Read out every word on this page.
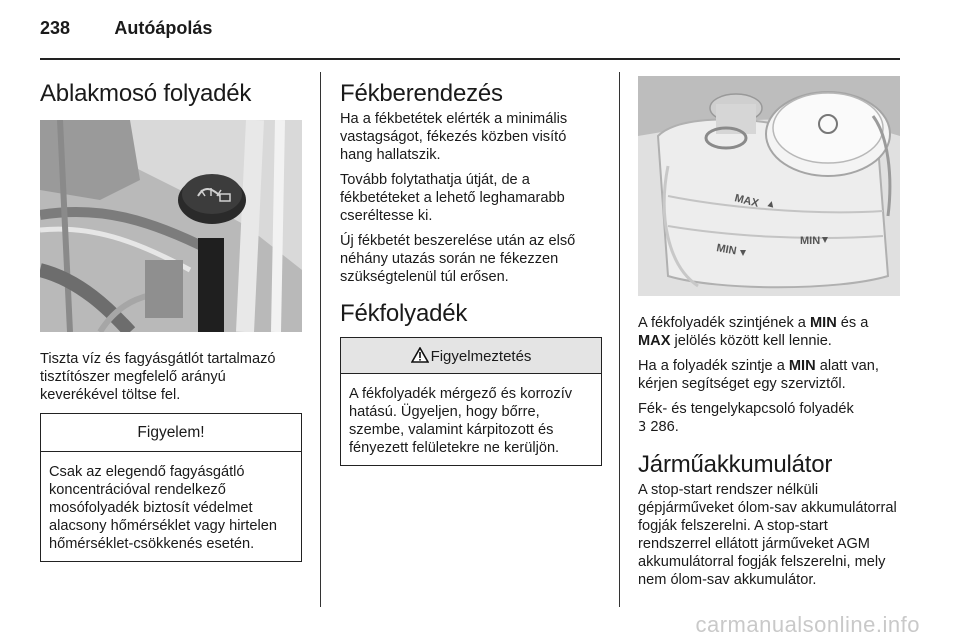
238 Autóápolás
Ablakmosó folyadék

Tiszta víz és fagyásgátlót tartalmazó tisztítószer megfelelő arányú keverékével töltse fel.

Figyelem!
Csak az elegendő fagyásgátló koncentrációval rendelkező mosófolyadék biztosít védelmet alacsony hőmérséklet vagy hirtelen hőmérséklet-csökkenés esetén.
Fékberendezés

Ha a fékbetétek elérték a minimális vastagságot, fékezés közben visító hang hallatszik.

Tovább folytathatja útját, de a fékbetéteket a lehető leghamarabb cseréltesse ki.

Új fékbetét beszerelése után az első néhány utazás során ne fékezzen szükségtelenül túl erősen.

Fékfolyadék
Figyelmeztetés
A fékfolyadék mérgező és korrozív hatású. Ügyeljen, hogy bőrre, szembe, valamint kárpitozott és fényezett felületekre ne kerüljön.
MAX
MIN
MIN

A fékfolyadék szintjének a MIN és a MAX jelölés között kell lennie.

Ha a folyadék szintje a MIN alatt van, kérjen segítséget egy szerviztől.

Fék- és tengelykapcsoló folyadék
3 286.

Járműakkumulátor

A stop-start rendszer nélküli gépjárműveket ólom-sav akkumulátorral fogják felszerelni. A stop-start rendszerrel ellátott járműveket AGM akkumulátorral fogják felszerelni, mely nem ólom-sav akkumulátor.

carmanualsonline.info
